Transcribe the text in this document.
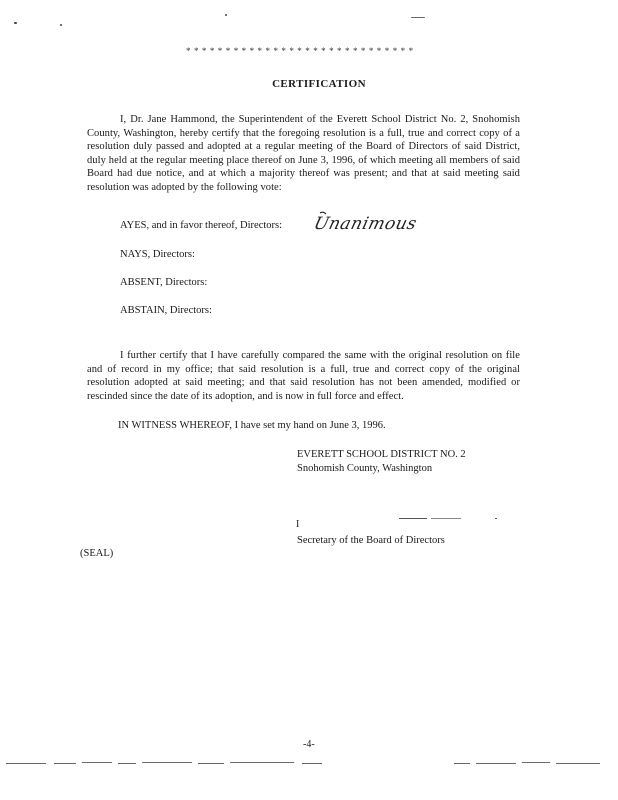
* * * * * * * * * * * * * * * * * * * * * * * * * * * * *
CERTIFICATION
I, Dr. Jane Hammond, the Superintendent of the Everett School District No. 2, Snohomish County, Washington, hereby certify that the foregoing resolution is a full, true and correct copy of a resolution duly passed and adopted at a regular meeting of the Board of Directors of said District, duly held at the regular meeting place thereof on June 3, 1996, of which meeting all members of said Board had due notice, and at which a majority thereof was present; and that at said meeting said resolution was adopted by the following vote:
AYES, and in favor thereof, Directors: Unanimous
NAYS, Directors:
ABSENT, Directors:
ABSTAIN, Directors:
I further certify that I have carefully compared the same with the original resolution on file and of record in my office; that said resolution is a full, true and correct copy of the original resolution adopted at said meeting; and that said resolution has not been amended, modified or rescinded since the date of its adoption, and is now in full force and effect.
IN WITNESS WHEREOF, I have set my hand on June 3, 1996.
EVERETT SCHOOL DISTRICT NO. 2
Snohomish County, Washington
I
Secretary of the Board of Directors
(SEAL)
-4-
